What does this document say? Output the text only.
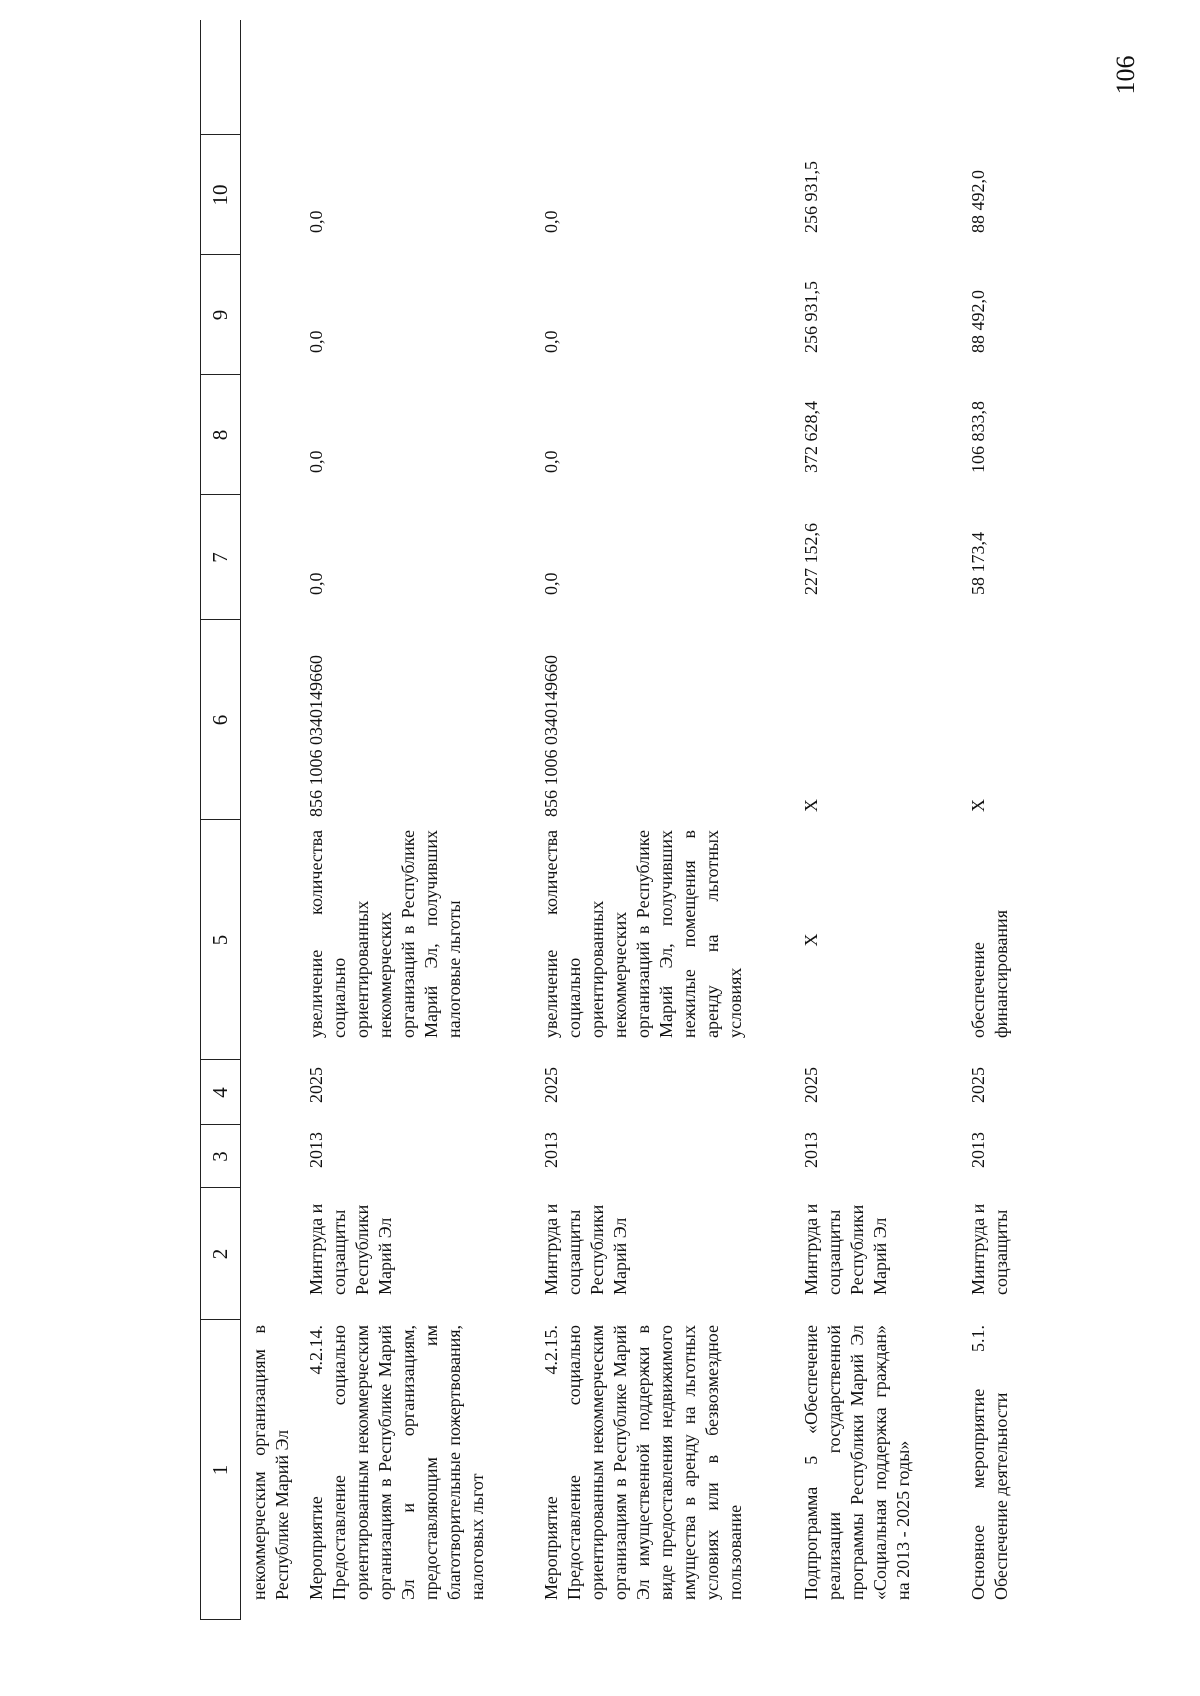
106
1
2
3
4
5
6
7
8
9
10
некоммерческим организациям в Республике Марий Эл Мероприятие 4.2.14. Предоставление социально ориентированным некоммерческим организациям в Республике Марий Эл и организациям, предоставляющим им благотворительные пожертвования, налоговых льгот
Минтруда и соцзащиты Республики Марий Эл
2013
2025
увеличение количества социально ориентированных некоммерческих организаций в Республике Марий Эл, получивших налоговые льготы
856 1006 0340149660
0,0
0,0
0,0
0,0
Мероприятие 4.2.15. Предоставление социально ориентированным некоммерческим организациям в Республике Марий Эл имущественной поддержки в виде предоставления недвижимого имущества в аренду на льготных условиях или в безвозмездное пользование
Минтруда и соцзащиты Республики Марий Эл
2013
2025
увеличение количества социально ориентированных некоммерческих организаций в Республике Марий Эл, получивших нежилые помещения в аренду на льготных условиях
856 1006 0340149660
0,0
0,0
0,0
0,0
Подпрограмма 5 «Обеспечение реализации государственной программы Республики Марий Эл «Социальная поддержка граждан» на 2013 - 2025 годы»
Минтруда и соцзащиты Республики Марий Эл
2013
2025
Х
Х
227 152,6
372 628,4
256 931,5
256 931,5
Основное мероприятие 5.1. Обеспечение деятельности
Минтруда и соцзащиты
2013
2025
обеспечение финансирования
Х
58 173,4
106 833,8
88 492,0
88 492,0
